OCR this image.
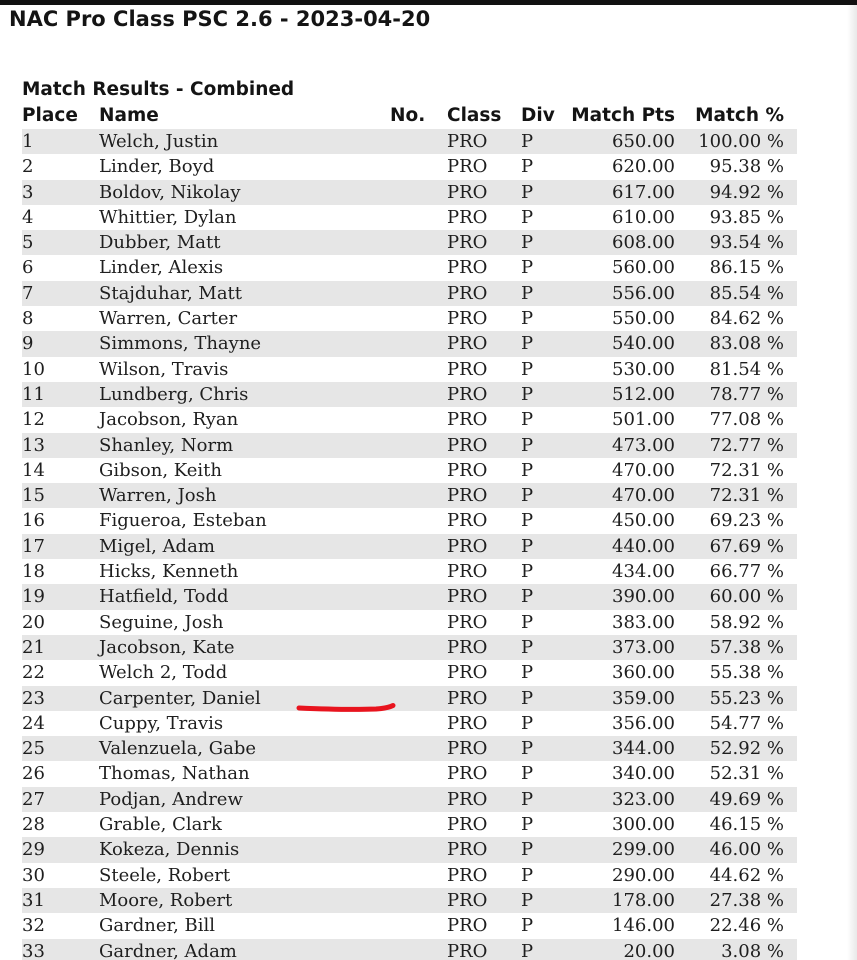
NAC Pro Class PSC 2.6 - 2023-04-20
Match Results - Combined
Place Name	No. Class Div Match Pts Match %
1	Welch, Justin	PRO P	650.00 100.00 %
2	Linder, Boyd	PRO P	620.00 95.38 %
3	Boldov, Nikolay	PRO P	617.00 94.92 %
4	Whittier, Dylan	PRO P	610.00 93.85 %
5	Dubber, Matt	PRO P	608.00 93.54 %
6	Linder, Alexis	PRO P	560.00 86.15 %
7	Stajduhar, Matt	PRO P	556.00 85.54 %
8	Warren, Carter	PRO P	550.00 84.62 %
9	Simmons, Thayne	PRO P	540.00 83.08 %
10	Wilson, Travis	PRO P	530.00 81.54 %
11	Lundberg, Chris	PRO P	512.00 78.77 %
12	Jacobson, Ryan	PRO P	501.00 77.08 %
13	Shanley, Norm	PRO P	473.00 72.77 %
14	Gibson, Keith	PRO P	470.00 72.31 %
15	Warren, Josh	PRO P	470.00 72.31 %
16	Figueroa, Esteban	PRO P	450.00 69.23 %
17	Migel, Adam	PRO P	440.00 67.69 %
18	Hicks, Kenneth	PRO P	434.00 66.77 %
19	Hatfield, Todd	PRO P	390.00 60.00 %
20	Seguine, Josh	PRO P	383.00 58.92 %
21	Jacobson, Kate	PRO P	373.00 57.38 %
22	Welch 2, Todd	PRO P	360.00 55.38 %
23	Carpenter, Daniel	PRO P	359.00 55.23 %
24	Cuppy, Travis	PRO P	356.00 54.77 %
25	Valenzuela, Gabe	PRO P	344.00 52.92 %
26	Thomas, Nathan	PRO P	340.00 52.31 %
27	Podjan, Andrew	PRO P	323.00 49.69 %
28	Grable, Clark	PRO P	300.00 46.15 %
29	Kokeza, Dennis	PRO P	299.00 46.00 %
30	Steele, Robert	PRO P	290.00 44.62 %
31	Moore, Robert	PRO P	178.00 27.38 %
32	Gardner, Bill	PRO P	146.00 22.46 %
33	Gardner, Adam	PRO P	20.00	3.08 %
